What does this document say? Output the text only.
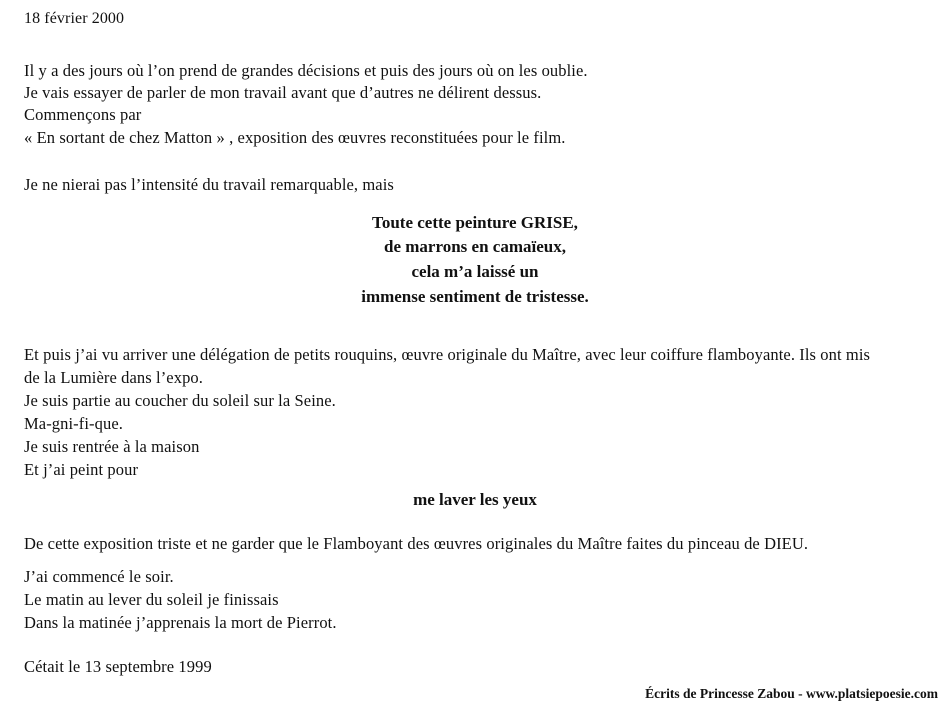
18 février 2000
Il y a des jours où l’on prend de grandes décisions et puis des jours où on les oublie.
Je vais essayer de parler de mon travail avant que d’autres ne délirent dessus.
Commençons par
« En sortant de chez Matton » , exposition des œuvres reconstituées pour le film.
Je ne nierai pas l’intensité du travail remarquable, mais
Toute cette peinture GRISE,
de marrons en camaïeux,
cela m’a laissé un
immense sentiment de tristesse.
Et puis j’ai vu arriver une délégation de petits rouquins, œuvre originale du Maître, avec leur coiffure flamboyante. Ils ont mis
de la Lumière dans l’expo.
Je suis partie au coucher du soleil sur la Seine.
Ma-gni-fi-que.
Je suis rentrée à la maison
Et j’ai peint pour
me laver les yeux
De cette exposition triste et ne garder que le Flamboyant des œuvres originales du Maître faites du pinceau de DIEU.
J’ai commencé le soir.
Le matin au lever du soleil je finissais
Dans la matinée j’apprenais la mort de Pierrot.
Cétait le 13 septembre 1999
Écrits de Princesse Zabou - www.platsiepoesie.com
